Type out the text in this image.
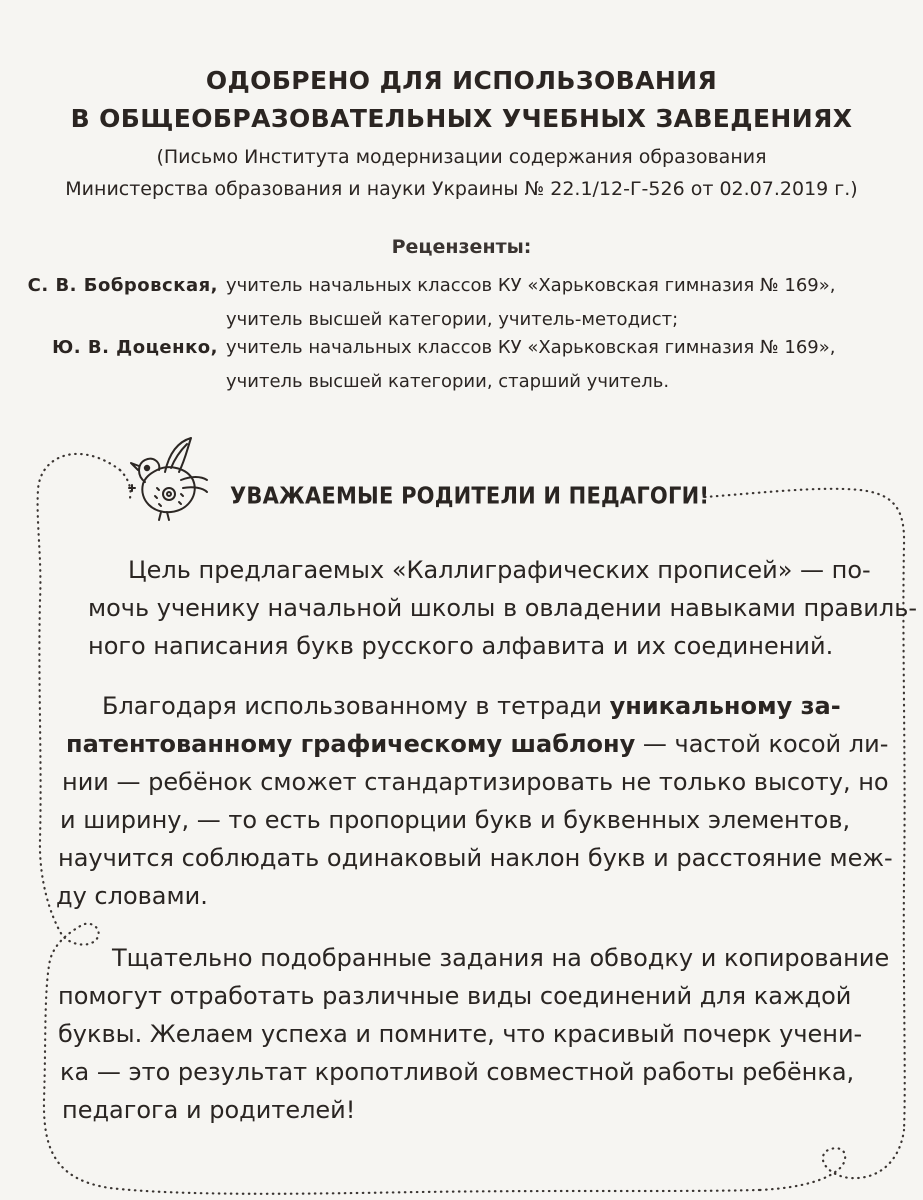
ОДОБРЕНО ДЛЯ ИСПОЛЬЗОВАНИЯ
В ОБЩЕОБРАЗОВАТЕЛЬНЫХ УЧЕБНЫХ ЗАВЕДЕНИЯХ
(Письмо Института модернизации содержания образования
Министерства образования и науки Украины № 22.1/12-Г-526 от 02.07.2019 г.)
Рецензенты:
С. В. Бобровская, учитель начальных классов КУ «Харьковская гимназия № 169»,
учитель высшей категории, учитель-методист;
Ю. В. Доценко, учитель начальных классов КУ «Харьковская гимназия № 169»,
учитель высшей категории, старший учитель.
УВАЖАЕМЫЕ РОДИТЕЛИ И ПЕДАГОГИ!
Цель предлагаемых «Каллиграфических прописей» — по-
мочь ученику начальной школы в овладении навыками правиль-
ного написания букв русского алфавита и их соединений.
Благодаря использованному в тетради уникальному за-
патентованному графическому шаблону — частой косой ли-
нии — ребёнок сможет стандартизировать не только высоту, но
и ширину, — то есть пропорции букв и буквенных элементов,
научится соблюдать одинаковый наклон букв и расстояние меж-
ду словами.
Тщательно подобранные задания на обводку и копирование
помогут отработать различные виды соединений для каждой
буквы. Желаем успеха и помните, что красивый почерк учени-
ка — это результат кропотливой совместной работы ребёнка,
педагога и родителей!
